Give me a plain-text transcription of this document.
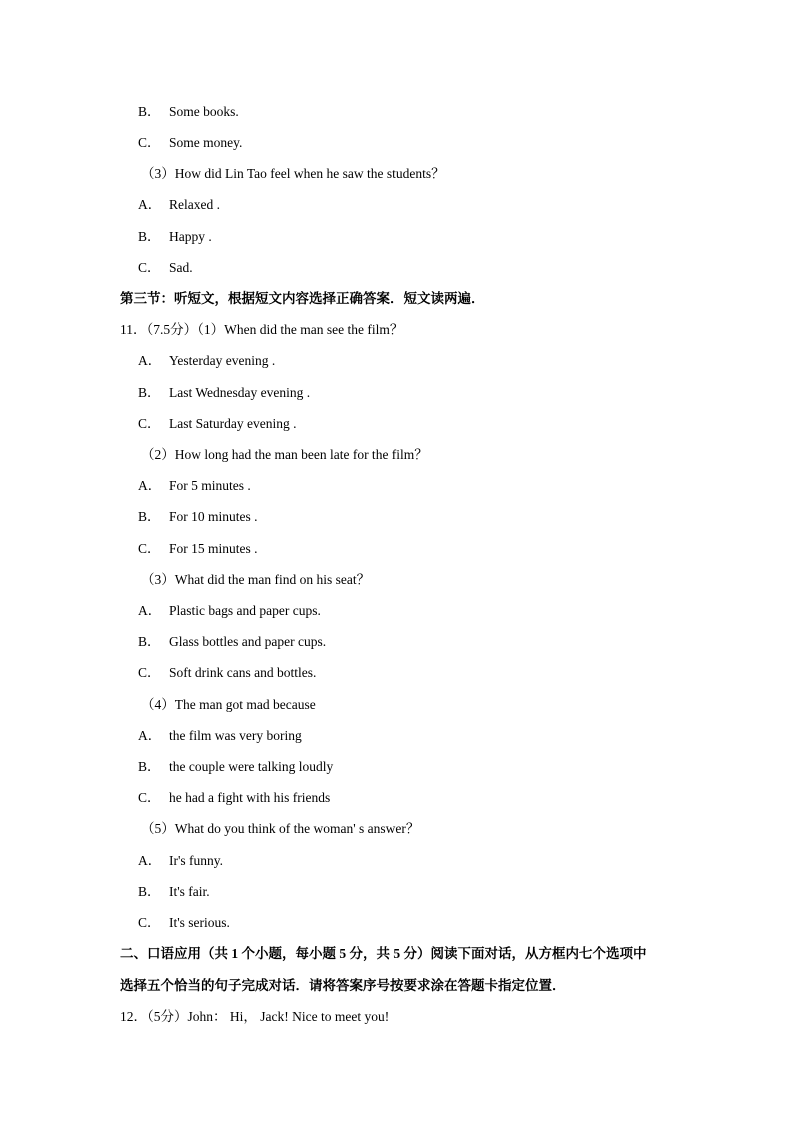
B． Some books.
C． Some money.
（3）How did Lin Tao feel when he saw the students？
A． Relaxed .
B． Happy .
C． Sad.
第三节：听短文，根据短文内容选择正确答案．短文读两遍．
11．（7.5分）（1）When did the man see the film？
A． Yesterday evening .
B． Last Wednesday evening .
C． Last Saturday evening .
（2）How long had the man been late for the film？
A． For 5 minutes .
B． For 10 minutes .
C． For 15 minutes .
（3）What did the man find on his seat？
A． Plastic bags and paper cups.
B． Glass bottles and paper cups.
C． Soft drink cans and bottles.
（4）The man got mad because
A． the film was very boring
B． the couple were talking loudly
C． he had a fight with his friends
（5）What do you think of the woman' s answer？
A． Ir's funny.
B． It's fair.
C． It's serious.
二、口语应用（共 1 个小题，每小题 5 分，共 5 分）阅读下面对话，从方框内七个选项中
选择五个恰当的句子完成对话．请将答案序号按要求涂在答题卡指定位置．
12．（5分）John： Hi， Jack! Nice to meet you!
